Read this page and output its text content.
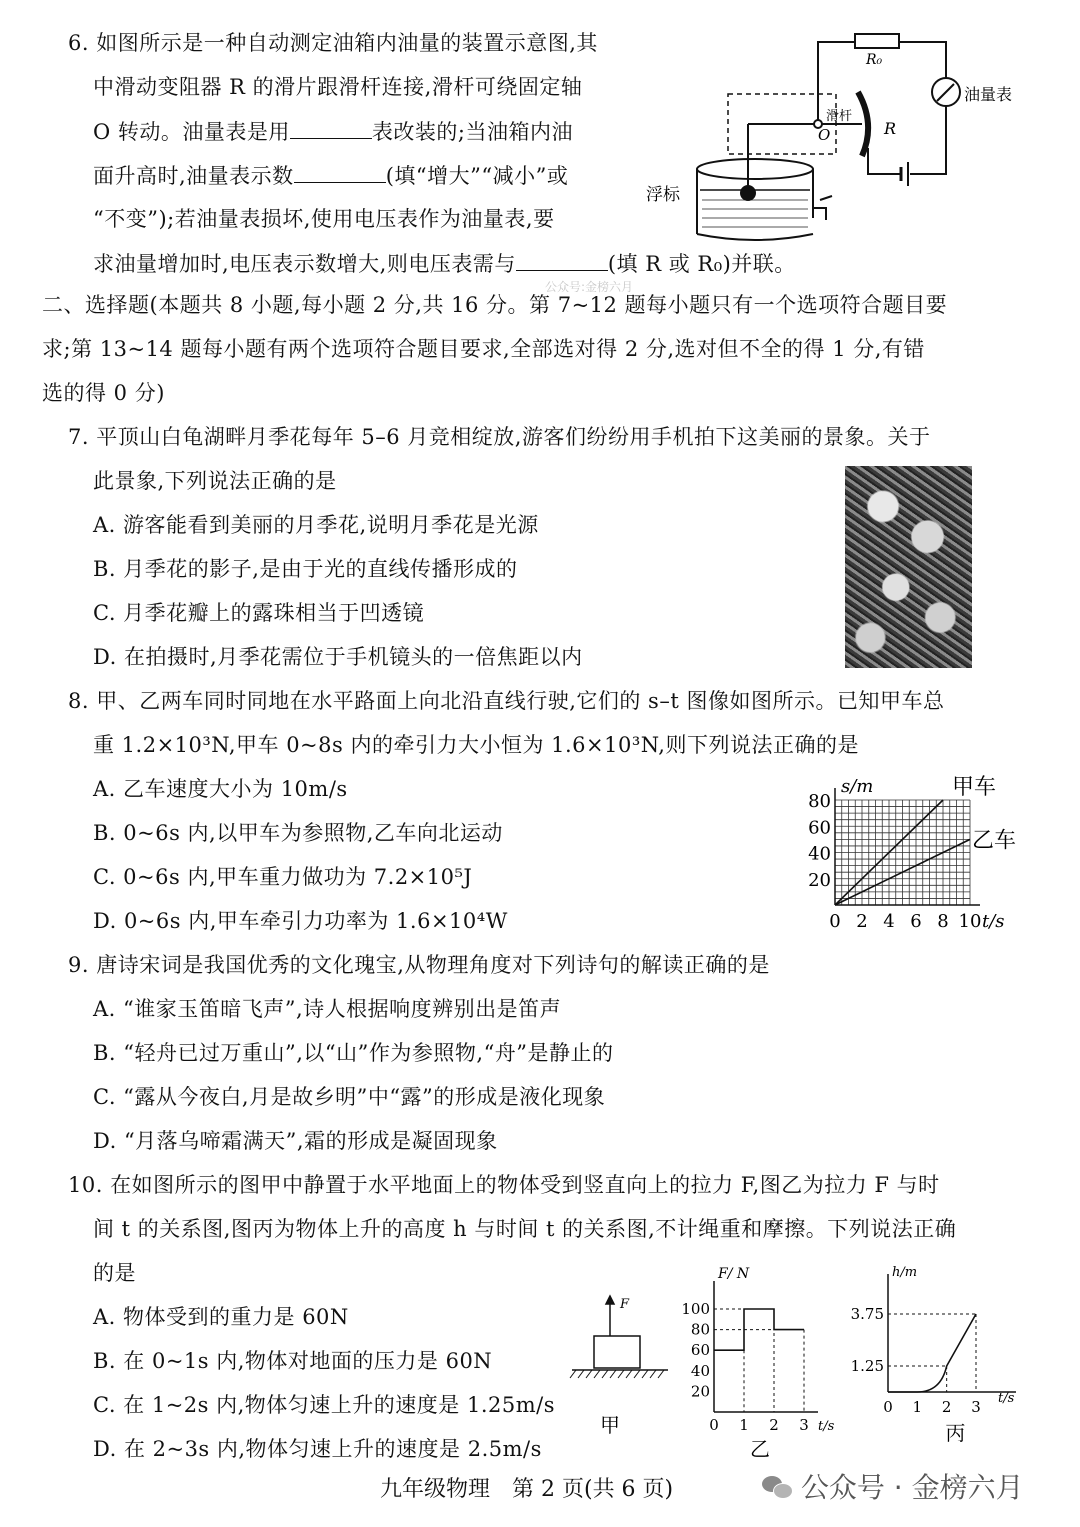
6. 如图所示是一种自动测定油箱内油量的装置示意图,其
中滑动变阻器 R 的滑片跟滑杆连接,滑杆可绕固定轴
O 转动。油量表是用	表改装的;当油箱内油
面升高时,油量表示数	(填“增大”“减小”或
“不变”);若油量表损坏,使用电压表作为油量表,要
求油量增加时,电压表示数增大,则电压表需与	(填 R 或 R₀)并联。
R₀
油量表
滑杆
O	R
浮标
二、选择题(本题共 8 小题,每小题 2 分,共 16 分。第 7~12 题每小题只有一个选项符合题目要
求;第 13~14 题每小题有两个选项符合题目要求,全部选对得 2 分,选对但不全的得 1 分,有错
选的得 0 分)
7. 平顶山白龟湖畔月季花每年 5–6 月竞相绽放,游客们纷纷用手机拍下这美丽的景象。关于
此景象,下列说法正确的是
A. 游客能看到美丽的月季花,说明月季花是光源
B. 月季花的影子,是由于光的直线传播形成的
C. 月季花瓣上的露珠相当于凹透镜
D. 在拍摄时,月季花需位于手机镜头的一倍焦距以内
8. 甲、乙两车同时同地在水平路面上向北沿直线行驶,它们的 s–t 图像如图所示。已知甲车总
重 1.2×10³N,甲车 0~8s 内的牵引力大小恒为 1.6×10³N,则下列说法正确的是
A. 乙车速度大小为 10m/s
B. 0~6s 内,以甲车为参照物,乙车向北运动
C. 0~6s 内,甲车重力做功为 7.2×10⁵J
D. 0~6s 内,甲车牵引力功率为 1.6×10⁴W	0 2 4 6 8 10
20
40
60
80
s/m
t/s
甲车
乙车
9. 唐诗宋词是我国优秀的文化瑰宝,从物理角度对下列诗句的解读正确的是
A. “谁家玉笛暗飞声”,诗人根据响度辨别出是笛声
B. “轻舟已过万重山”,以“山”作为参照物,“舟”是静止的
C. “露从今夜白,月是故乡明”中“露”的形成是液化现象
D. “月落乌啼霜满天”,霜的形成是凝固现象
10. 在如图所示的图甲中静置于水平地面上的物体受到竖直向上的拉力 F,图乙为拉力 F 与时
间 t 的关系图,图丙为物体上升的高度 h 与时间 t 的关系图,不计绳重和摩擦。下列说法正确
的是
A. 物体受到的重力是 60N
B. 在 0~1s 内,物体对地面的压力是 60N
C. 在 1~2s 内,物体匀速上升的速度是 1.25m/s
D. 在 2~3s 内,物体匀速上升的速度是 2.5m/s
F
甲	0 1 2 3
20
40
60
80
100
F/ N
t/s
乙
0 1 2 3
1.25
3.75
h/m
t/s
丙
九年级物理　第 2 页(共 6 页)
公众号:金榜六月
公众号 · 金榜六月
